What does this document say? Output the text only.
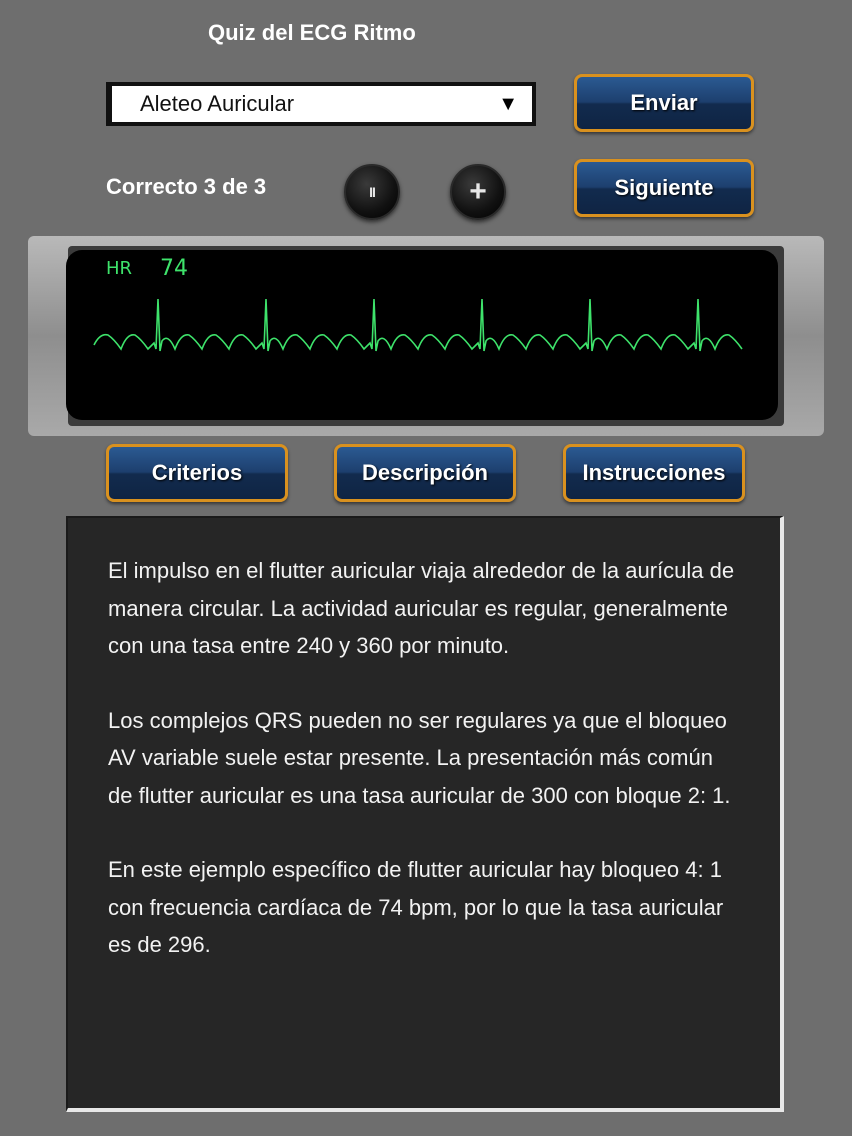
Quiz del ECG Ritmo
Aleteo Auricular	▼	Enviar
Correcto 3 de 3	II	+	Siguiente
HR 74
Criterios	Descripción	Instrucciones

El impulso en el flutter auricular viaja alrededor de la aurícula de manera circular. La actividad auricular es regular, generalmente con una tasa entre 240 y 360 por minuto.

Los complejos QRS pueden no ser regulares ya que el bloqueo AV variable suele estar presente. La presentación más común de flutter auricular es una tasa auricular de 300 con bloque 2: 1.

En este ejemplo específico de flutter auricular hay bloqueo 4: 1 con frecuencia cardíaca de 74 bpm, por lo que la tasa auricular es de 296.
